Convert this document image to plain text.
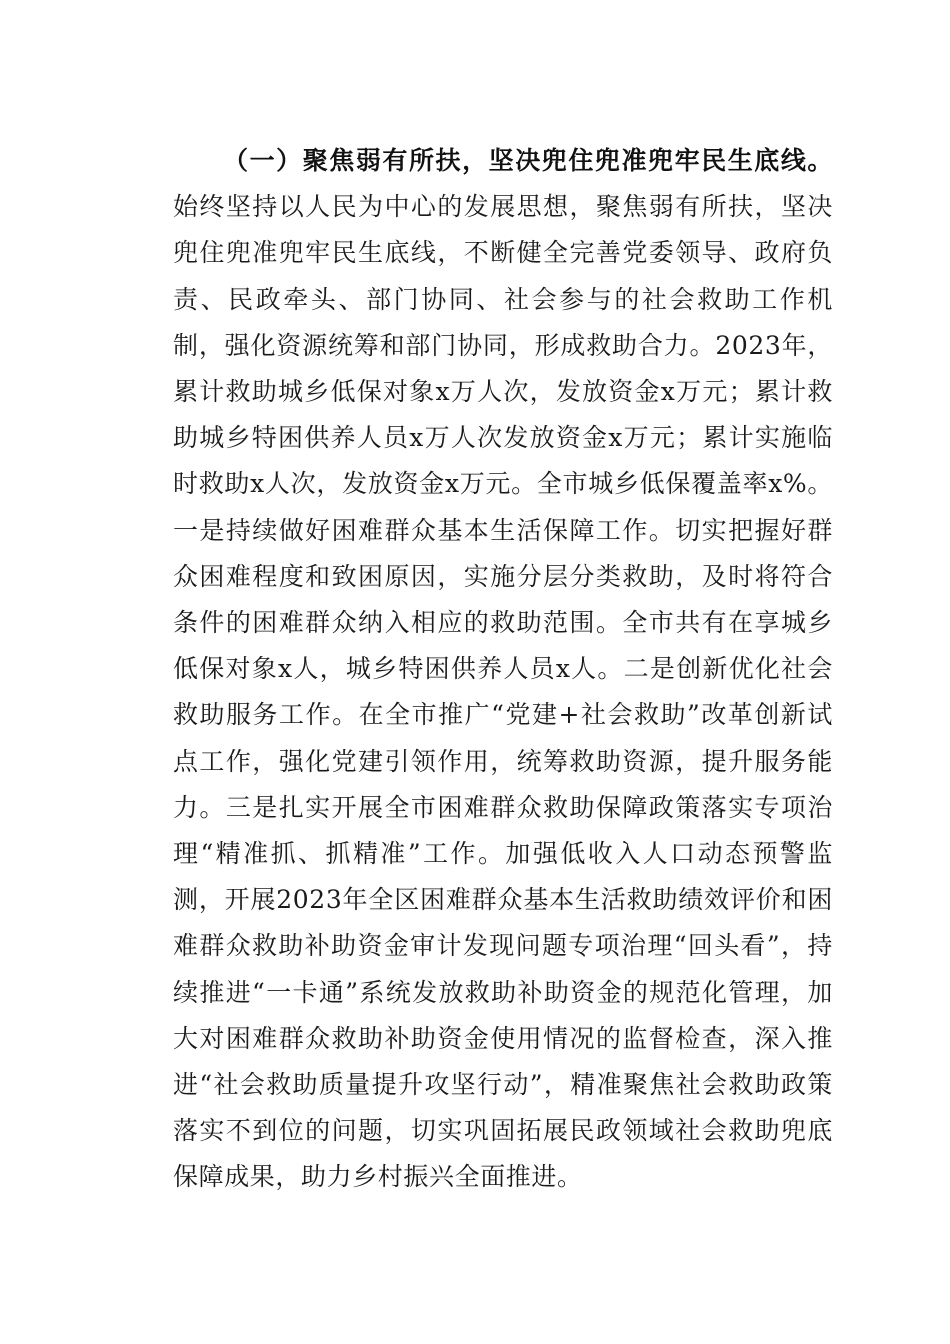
（一）聚焦弱有所扶，坚决兜住兜准兜牢民生底线。始终坚持以人民为中心的发展思想，聚焦弱有所扶，坚决兜住兜准兜牢民生底线，不断健全完善党委领导、政府负责、民政牵头、部门协同、社会参与的社会救助工作机制，强化资源统筹和部门协同，形成救助合力。2023年，累计救助城乡低保对象x万人次，发放资金x万元；累计救助城乡特困供养人员x万人次发放资金x万元；累计实施临时救助x人次，发放资金x万元。全市城乡低保覆盖率x%。一是持续做好困难群众基本生活保障工作。切实把握好群众困难程度和致困原因，实施分层分类救助，及时将符合条件的困难群众纳入相应的救助范围。全市共有在享城乡低保对象x人，城乡特困供养人员x人。二是创新优化社会救助服务工作。在全市推广“党建+社会救助”改革创新试点工作，强化党建引领作用，统筹救助资源，提升服务能力。三是扎实开展全市困难群众救助保障政策落实专项治理“精准抓、抓精准”工作。加强低收入人口动态预警监测，开展2023年全区困难群众基本生活救助绩效评价和困难群众救助补助资金审计发现问题专项治理“回头看”，持续推进“一卡通”系统发放救助补助资金的规范化管理，加大对困难群众救助补助资金使用情况的监督检查，深入推进“社会救助质量提升攻坚行动”，精准聚焦社会救助政策落实不到位的问题，切实巩固拓展民政领域社会救助兜底保障成果，助力乡村振兴全面推进。
